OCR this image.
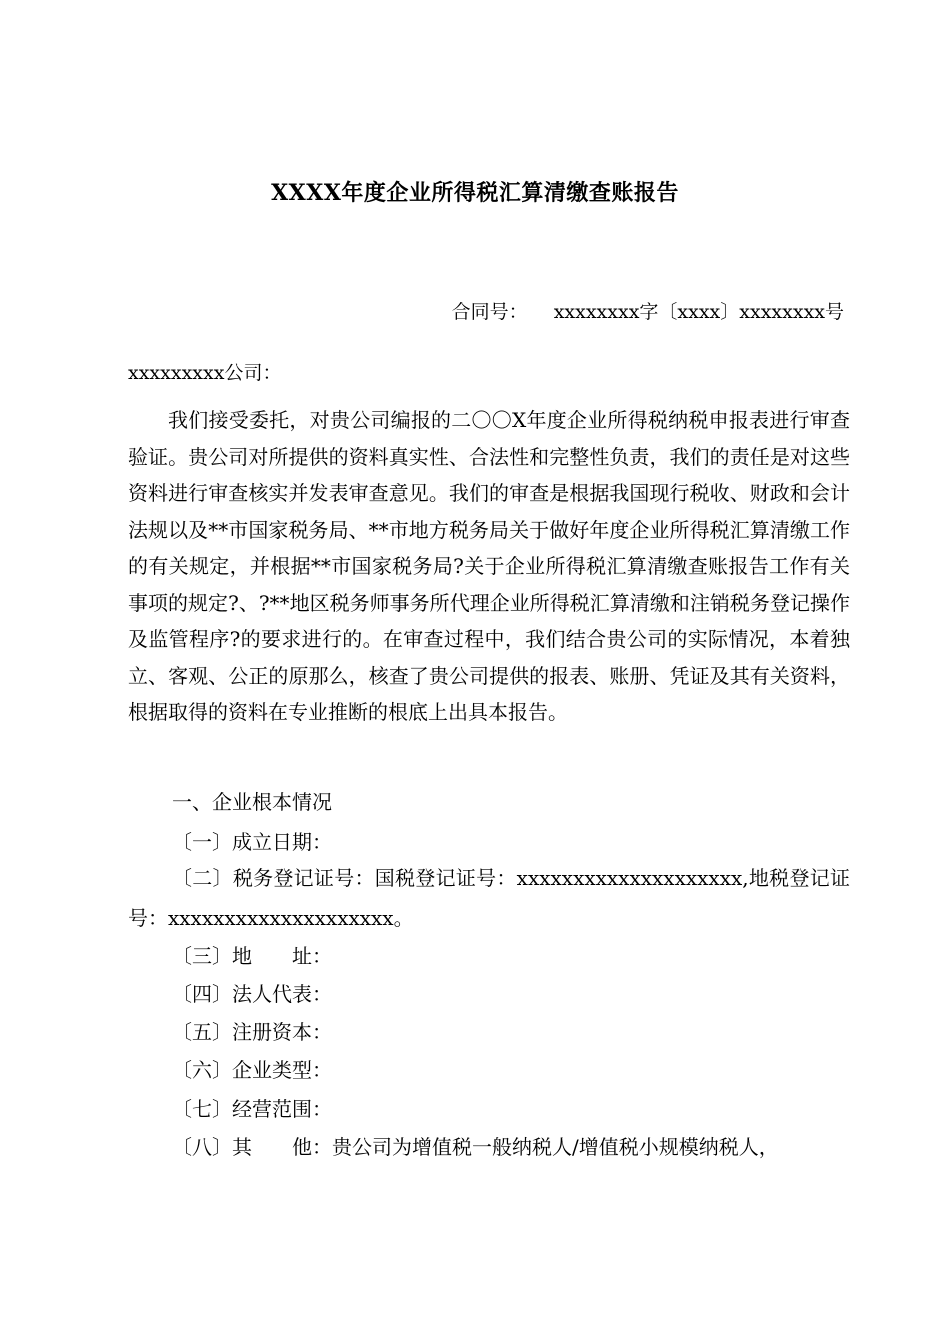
XXXX年度企业所得税汇算清缴查账报告
合同号： xxxxxxxx字〔xxxx〕xxxxxxxx号
xxxxxxxxx公司：

我们接受委托，对贵公司编报的二〇〇X年度企业所得税纳税申报表进行审查验证。贵公司对所提供的资料真实性、合法性和完整性负责，我们的责任是对这些资料进行审查核实并发表审查意见。我们的审查是根据我国现行税收、财政和会计法规以及**市国家税务局、**市地方税务局关于做好年度企业所得税汇算清缴工作的有关规定，并根据**市国家税务局?关于企业所得税汇算清缴查账报告工作有关事项的规定?、?**地区税务师事务所代理企业所得税汇算清缴和注销税务登记操作及监管程序?的要求进行的。在审查过程中，我们结合贵公司的实际情况，本着独立、客观、公正的原那么，核查了贵公司提供的报表、账册、凭证及其有关资料，根据取得的资料在专业推断的根底上出具本报告。

一、企业根本情况
〔一〕成立日期：

〔二〕税务登记证号：国税登记证号：xxxxxxxxxxxxxxxxxxxx,地税登记证号：xxxxxxxxxxxxxxxxxxxx。

〔三〕地　　址：
〔四〕法人代表：
〔五〕注册资本：
〔六〕企业类型：
〔七〕经营范围：
〔八〕其　　他：贵公司为增值税一般纳税人/增值税小规模纳税人，
